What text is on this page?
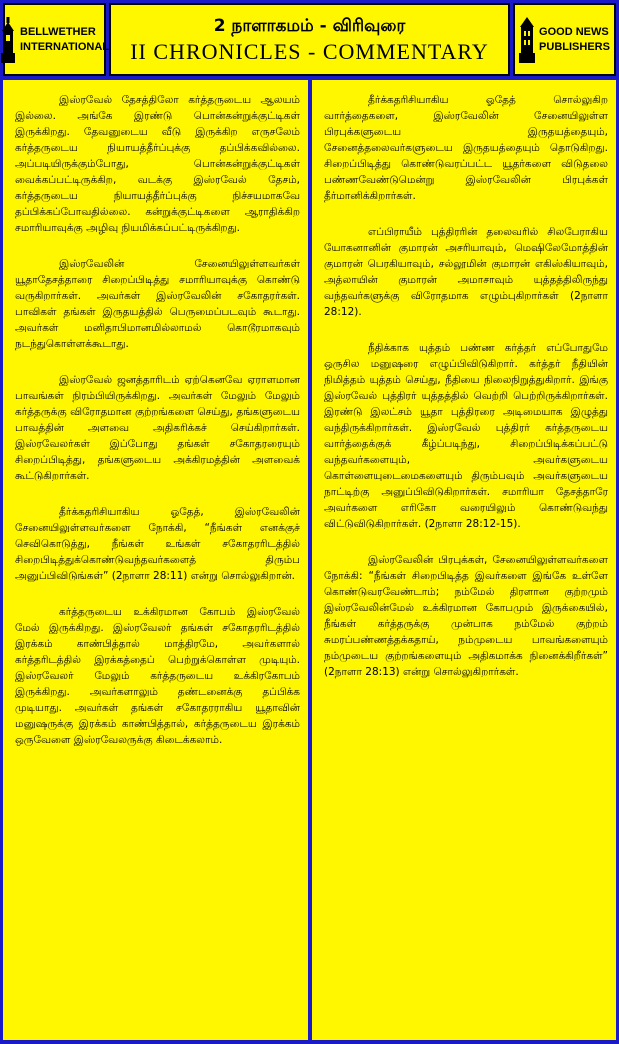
BELLWETHER
INTERNATIONAL
2 நாளாகமம் - விரிவுரை
II CHRONICLES - COMMENTARY
GOOD NEWS
PUBLISHERS

இஸ்ரவேல் தேசத்திலோ கர்த்தருடைய ஆலயம் இல்லை. அங்கே இரண்டு பொன்கன்றுக்குட்டிகள் இருக்கிறது. தேவனுடைய வீடு இருக்கிற எருசலேம் கர்த்தருடைய நியாயத்தீர்ப்புக்கு தப்பிக்கவில்லை. அப்படியிருக்கும்போது, பொன்கன்றுக்குட்டிகள் வைக்கப்பட்டிருக்கிற, வடக்கு இஸ்ரவேல் தேசம், கர்த்தருடைய நியாயத்தீர்ப்புக்கு நிச்சயமாகவே தப்பிக்கப்போவதில்லை. கன்றுக்குட்டிகளை ஆராதிக்கிற சமாரியாவுக்கு அழிவு நியமிக்கப்பட்டிருக்கிறது.

இஸ்ரவேலின் சேனையிலுள்ளவர்கள் யூதாதேசத்தாரை சிறைப்பிடித்து சமாரியாவுக்கு கொண்டு வருகிறார்கள். அவர்கள் இஸ்ரவேலின் சகோதரர்கள். பாவிகள் தங்கள் இருதயத்தில் பெருமைப்படவும் கூடாது. அவர்கள் மனிதாபிமானமில்லாமல் கொடூரமாகவும் நடந்துகொள்ளக்கூடாது.

இஸ்ரவேல் ஜனத்தாரிடம் ஏற்கெனவே ஏராளமான பாவங்கள் நிரம்பியிருக்கிறது. அவர்கள் மேலும் மேலும் கர்த்தருக்கு விரோதமான குற்றங்களை செய்து, தங்களுடைய பாவத்தின் அளவை அதிகரிக்கச் செய்கிறார்கள். இஸ்ரவேலர்கள் இப்போது தங்கள் சகோதரரையும் சிறைப்பிடித்து, தங்களுடைய அக்கிரமத்தின் அளவைக் கூட்டுகிறார்கள்.

தீர்க்கதரிசியாகிய ஓதேத், இஸ்ரவேலின் சேனையிலுள்ளவர்களை நோக்கி, “நீங்கள் எனக்குச் செவிகொடுத்து, நீங்கள் உங்கள் சகோதரரிடத்தில் சிறைபிடித்துக்கொண்டுவந்தவர்களைத் திரும்ப அனுப்பிவிடுங்கள்” (2நாளா 28:11) என்று சொல்லுகிறான்.

கர்த்தருடைய உக்கிரமான கோபம் இஸ்ரவேல் மேல் இருக்கிறது. இஸ்ரவேலர் தங்கள் சகோதரரிடத்தில் இரக்கம் காண்பித்தால் மாத்திரமே, அவர்களால் கர்த்தரிடத்தில் இரக்கத்தைப் பெற்றுக்கொள்ள முடியும். இஸ்ரவேலர் மேலும் கர்த்தருடைய உக்கிரகோபம் இருக்கிறது. அவர்களாலும் தண்டனைக்கு தப்பிக்க முடியாது. அவர்கள் தங்கள் சகோதரராகிய யூதாவின் மனுஷருக்கு இரக்கம் காண்பித்தால், கர்த்தருடைய இரக்கம் ஒருவேளை இஸ்ரவேலருக்கு கிடைக்கலாம்.

தீர்க்கதரிசியாகிய ஓதேத் சொல்லுகிற வார்த்தைகளை, இஸ்ரவேலின் சேனையிலுள்ள பிரபுக்களுடைய இருதயத்தையும், சேனைத்தலைவர்களுடைய இருதயத்தையும் தொடுகிறது. சிறைப்பிடித்து கொண்டுவரப்பட்ட யூதர்களை விடுதலை பண்ணவேண்டுமென்று இஸ்ரவேலின் பிரபுக்கள் தீர்மானிக்கிறார்கள்.

எப்பிராயீம் புத்திரரின் தலைவரில் சிலபேராகிய யோகனானின் குமாரன் அசரியாவும், மெஷிலேமோத்தின் குமாரன் பெரகியாவும், சல்லூமின் குமாரன் எகிஸ்கியாவும், அத்லாயின் குமாரன் அமாசாவும் யுத்தத்திலிருந்து வந்தவர்களுக்கு விரோதமாக எழும்புகிறார்கள் (2நாளா 28:12).

நீதிக்காக யுத்தம் பண்ண கர்த்தர் எப்போதுமே ஒருசில மனுஷரை எழுப்பிவிடுகிறார். கர்த்தர் நீதியின் நிமித்தம் யுத்தம் செய்து, நீதியை நிலைநிறுத்துகிறார். இங்கு இஸ்ரவேல் புத்திரர் யுத்தத்தில் வெற்றி பெற்றிருக்கிறார்கள். இரண்டு இலட்சம் யூதா புத்திரரை அடிமையாக இழுத்து வந்திருக்கிறார்கள். இஸ்ரவேல் புத்திரர் கர்த்தருடைய வார்த்தைக்குக் கீழ்ப்படிந்து, சிறைப்பிடிக்கப்பட்டு வந்தவர்களையும், அவர்களுடைய கொள்ளையுடைமைகளையும் திரும்பவும் அவர்களுடைய நாட்டிற்கு அனுப்பிவிடுகிறார்கள். சமாரியா தேசத்தாரே அவர்களை எரிகோ வரையிலும் கொண்டுவந்து விட்டுவிடுகிறார்கள். (2நாளா 28:12-15).

இஸ்ரவேலின் பிரபுக்கள், சேனையிலுள்ளவர்களை நோக்கி: “நீங்கள் சிறைபிடித்த இவர்களை இங்கே உள்ளே கொண்டுவரவேண்டாம்; நம்மேல் திரளான குற்றமும் இஸ்ரவேலின்மேல் உக்கிரமான கோபமும் இருக்கையில், நீங்கள் கர்த்தருக்கு முன்பாக நம்மேல் குற்றம் சுமரப்பண்ணத்தக்கதாய், நம்முடைய பாவங்களையும் நம்முடைய குற்றங்களையும் அதிகமாக்க நினைக்கிறீர்கள்” (2நாளா 28:13) என்று சொல்லுகிறார்கள்.
